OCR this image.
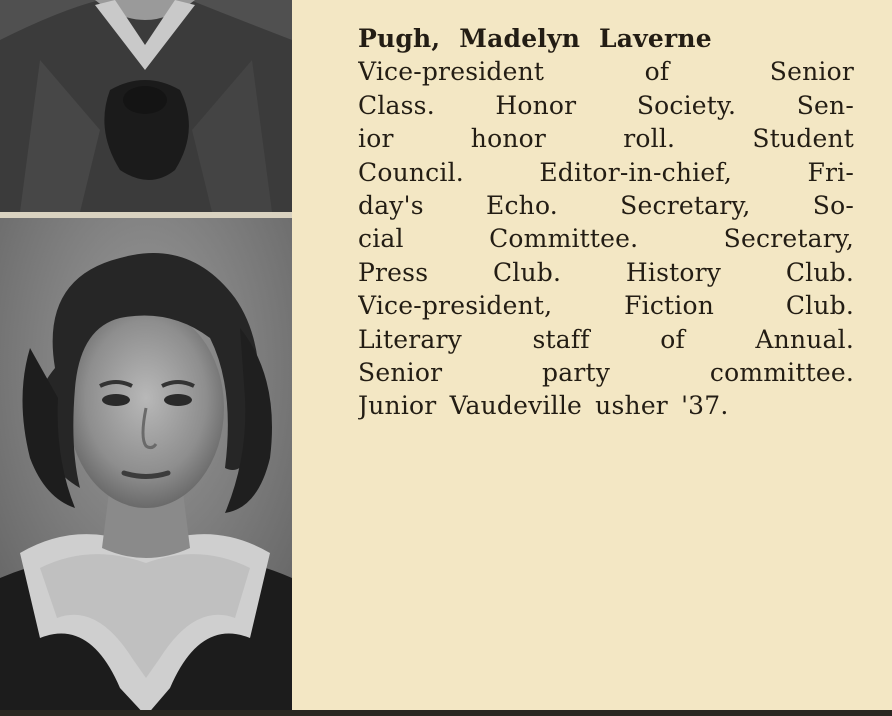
Pugh, Madelyn Laverne
Vice-president of Senior
Class. Honor Society. Sen-
ior honor roll. Student
Council. Editor-in-chief, Fri-
day's Echo. Secretary, So-
cial Committee. Secretary,
Press Club. History Club.
Vice-president, Fiction Club.
Literary staff of Annual.
Senior party committee.
Junior Vaudeville usher '37.
